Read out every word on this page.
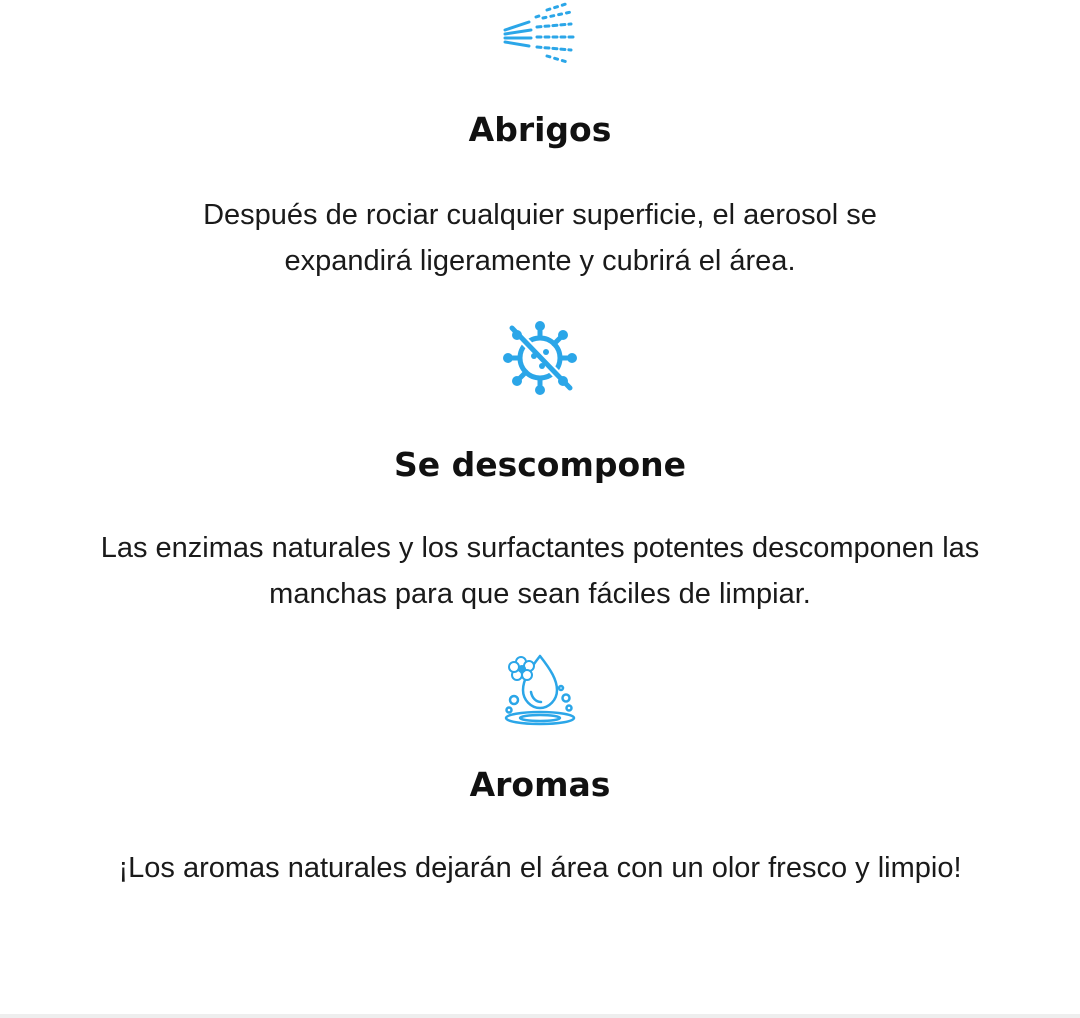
Abrigos

Después de rociar cualquier superficie, el aerosol se expandirá ligeramente y cubrirá el área.

Se descompone

Las enzimas naturales y los surfactantes potentes descomponen las manchas para que sean fáciles de limpiar.

Aromas

¡Los aromas naturales dejarán el área con un olor fresco y limpio!
